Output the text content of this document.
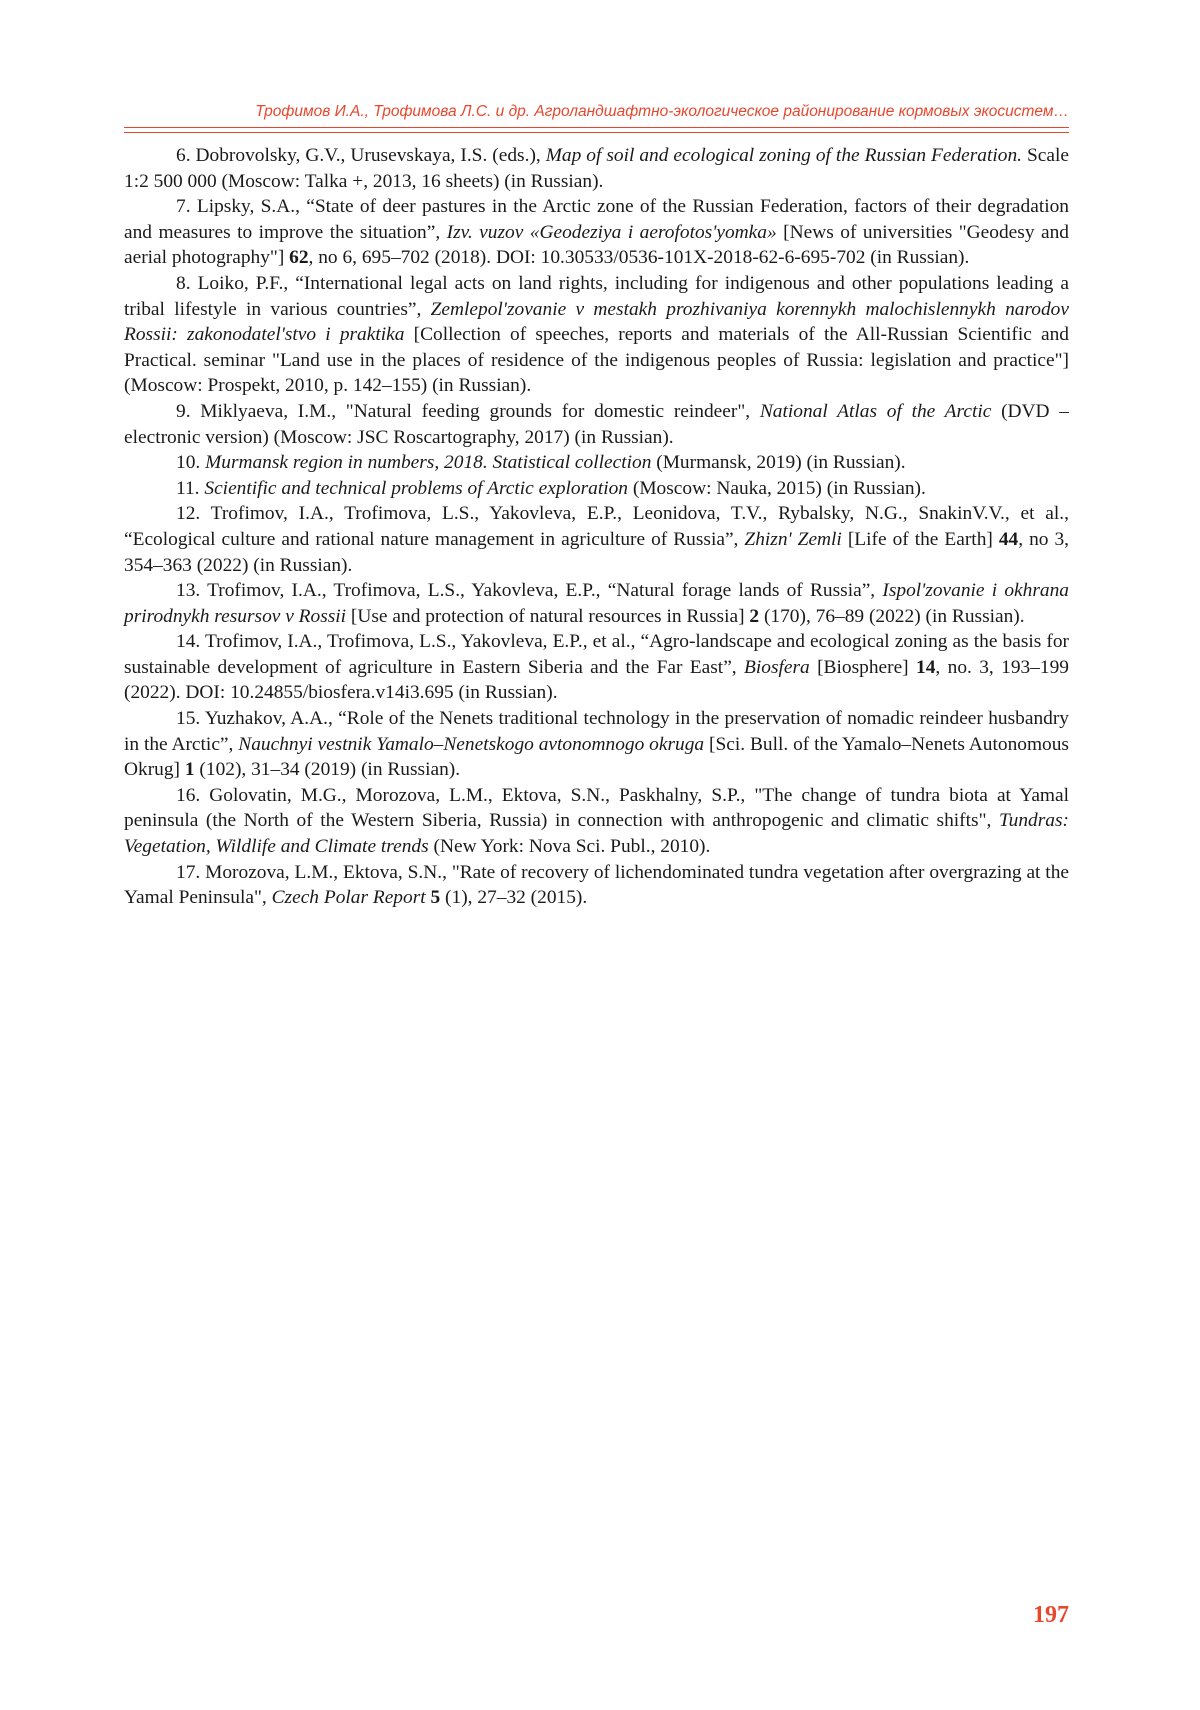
Трофимов И.А., Трофимова Л.С. и др. Агроландшафтно-экологическое районирование кормовых экосистем…

6. Dobrovolsky, G.V., Urusevskaya, I.S. (eds.), Map of soil and ecological zoning of the Russian Federation. Scale 1:2 500 000 (Moscow: Talka +, 2013, 16 sheets) (in Russian).

7. Lipsky, S.A., “State of deer pastures in the Arctic zone of the Russian Federation, factors of their degradation and measures to improve the situation”, Izv. vuzov «Geodeziya i aerofotos'yomka» [News of universities "Geodesy and aerial photography"] 62, no 6, 695–702 (2018). DOI: 10.30533/0536-101X-2018-62-6-695-702 (in Russian).

8. Loiko, P.F., “International legal acts on land rights, including for indigenous and other populations leading a tribal lifestyle in various countries”, Zemlepol'zovanie v mestakh prozhivaniya korennykh malochislennykh narodov Rossii: zakonodatel'stvo i praktika [Collection of speeches, reports and materials of the All-Russian Scientific and Practical. seminar "Land use in the places of residence of the indigenous peoples of Russia: legislation and practice"] (Moscow: Prospekt, 2010, p. 142–155) (in Russian).

9. Miklyaeva, I.M., "Natural feeding grounds for domestic reindeer", National Atlas of the Arctic (DVD – electronic version) (Moscow: JSC Roscartography, 2017) (in Russian).

10. Murmansk region in numbers, 2018. Statistical collection (Murmansk, 2019) (in Russian).

11. Scientific and technical problems of Arctic exploration (Moscow: Nauka, 2015) (in Russian).

12. Trofimov, I.A., Trofimova, L.S., Yakovleva, E.P., Leonidova, T.V., Rybalsky, N.G., SnakinV.V., et al., “Ecological culture and rational nature management in agriculture of Russia”, Zhizn' Zemli [Life of the Earth] 44, no 3, 354–363 (2022) (in Russian).

13. Trofimov, I.A., Trofimova, L.S., Yakovleva, E.P., “Natural forage lands of Russia”, Ispol'zovanie i okhrana prirodnykh resursov v Rossii [Use and protection of natural resources in Russia] 2 (170), 76–89 (2022) (in Russian).

14. Trofimov, I.A., Trofimova, L.S., Yakovleva, E.P., et al., “Agro-landscape and ecological zoning as the basis for sustainable development of agriculture in Eastern Siberia and the Far East”, Biosfera [Biosphere] 14, no. 3, 193–199 (2022). DOI: 10.24855/biosfera.v14i3.695 (in Russian).

15. Yuzhakov, A.A., “Role of the Nenets traditional technology in the preservation of nomadic reindeer husbandry in the Arctic”, Nauchnyi vestnik Yamalo–Nenetskogo avtonomnogo okruga [Sci. Bull. of the Yamalo–Nenets Autonomous Okrug] 1 (102), 31–34 (2019) (in Russian).

16. Golovatin, M.G., Morozova, L.M., Ektova, S.N., Paskhalny, S.P., "The change of tundra biota at Yamal peninsula (the North of the Western Siberia, Russia) in connection with anthropogenic and climatic shifts", Tundras: Vegetation, Wildlife and Climate trends (New York: Nova Sci. Publ., 2010).

17. Morozova, L.M., Ektova, S.N., "Rate of recovery of lichendominated tundra vegetation after overgrazing at the Yamal Peninsula", Czech Polar Report 5 (1), 27–32 (2015).

197
